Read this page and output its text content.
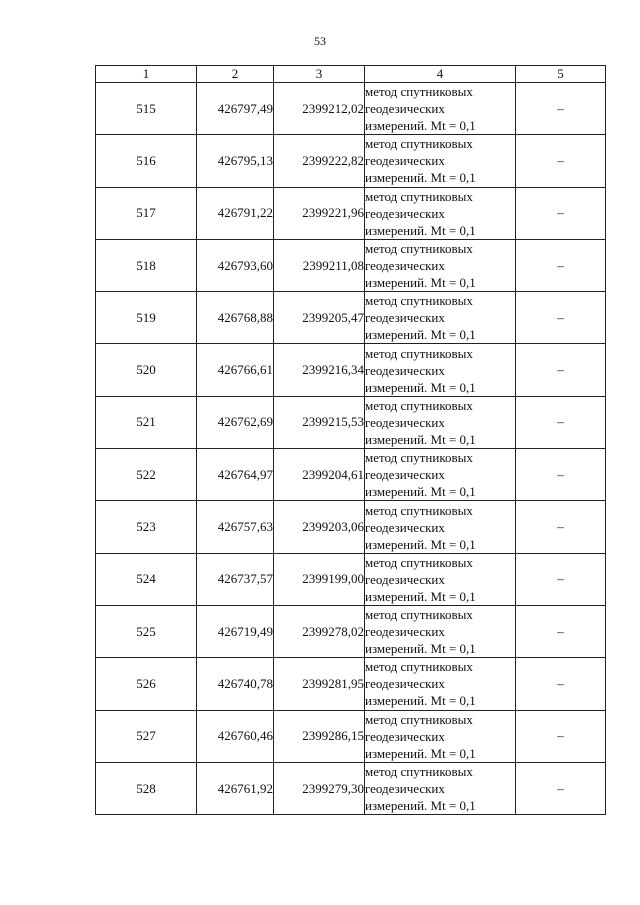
53
1	2	3	4	5
515	426797,49	2399212,02	метод спутниковых
геодезических
измерений. Mt = 0,1	–
516	426795,13	2399222,82	метод спутниковых
геодезических
измерений. Mt = 0,1	–
517	426791,22	2399221,96	метод спутниковых
геодезических
измерений. Mt = 0,1	–
518	426793,60	2399211,08	метод спутниковых
геодезических
измерений. Mt = 0,1	–
519	426768,88	2399205,47	метод спутниковых
геодезических
измерений. Mt = 0,1	–
520	426766,61	2399216,34	метод спутниковых
геодезических
измерений. Mt = 0,1	–
521	426762,69	2399215,53	метод спутниковых
геодезических
измерений. Mt = 0,1	–
522	426764,97	2399204,61	метод спутниковых
геодезических
измерений. Mt = 0,1	–
523	426757,63	2399203,06	метод спутниковых
геодезических
измерений. Mt = 0,1	–
524	426737,57	2399199,00	метод спутниковых
геодезических
измерений. Mt = 0,1	–
525	426719,49	2399278,02	метод спутниковых
геодезических
измерений. Mt = 0,1	–
526	426740,78	2399281,95	метод спутниковых
геодезических
измерений. Mt = 0,1	–
527	426760,46	2399286,15	метод спутниковых
геодезических
измерений. Mt = 0,1	–
528	426761,92	2399279,30	метод спутниковых
геодезических
измерений. Mt = 0,1	–
